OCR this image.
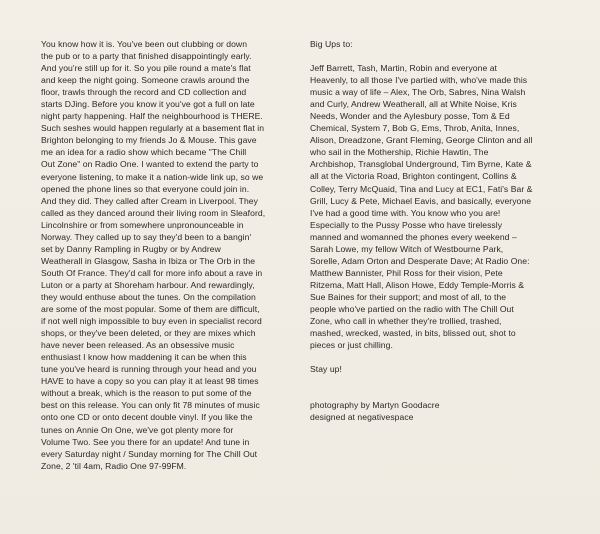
You know how it is. You've been out clubbing or down
the pub or to a party that finished disappointingly early.
And you're still up for it. So you pile round a mate's flat
and keep the night going. Someone crawls around the
floor, trawls through the record and CD collection and
starts DJing. Before you know it you've got a full on late
night party happening. Half the neighbourhood is THERE.
Such seshes would happen regularly at a basement flat in
Brighton belonging to my friends Jo & Mouse. This gave
me an idea for a radio show which became "The Chill
Out Zone" on Radio One. I wanted to extend the party to
everyone listening, to make it a nation-wide link up, so we
opened the phone lines so that everyone could join in.
And they did. They called after Cream in Liverpool. They
called as they danced around their living room in Sleaford,
Lincolnshire or from somewhere unpronounceable in
Norway. They called up to say they'd been to a bangin'
set by Danny Rampling in Rugby or by Andrew
Weatherall in Glasgow, Sasha in Ibiza or The Orb in the
South Of France. They'd call for more info about a rave in
Luton or a party at Shoreham harbour. And rewardingly,
they would enthuse about the tunes. On the compilation
are some of the most popular. Some of them are difficult,
if not well nigh impossible to buy even in specialist record
shops, or they've been deleted, or they are mixes which
have never been released. As an obsessive music
enthusiast I know how maddening it can be when this
tune you've heard is running through your head and you
HAVE to have a copy so you can play it at least 98 times
without a break, which is the reason to put some of the
best on this release. You can only fit 78 minutes of music
onto one CD or onto decent double vinyl. If you like the
tunes on Annie On One, we've got plenty more for
Volume Two. See you there for an update! And tune in
every Saturday night / Sunday morning for The Chill Out
Zone, 2 'til 4am, Radio One 97-99FM.

Big Ups to:

Jeff Barrett, Tash, Martin, Robin and everyone at
Heavenly, to all those I've partied with, who've made this
music a way of life – Alex, The Orb, Sabres, Nina Walsh
and Curly, Andrew Weatherall, all at White Noise, Kris
Needs, Wonder and the Aylesbury posse, Tom & Ed
Chemical, System 7, Bob G, Ems, Throb, Anita, Innes,
Alison, Dreadzone, Grant Fleming, George Clinton and all
who sail in the Mothership, Richie Hawtin, The
Archbishop, Transglobal Underground, Tim Byrne, Kate &
all at the Victoria Road, Brighton contingent, Collins &
Colley, Terry McQuaid, Tina and Lucy at EC1, Fati's Bar &
Grill, Lucy & Pete, Michael Eavis, and basically, everyone
I've had a good time with. You know who you are!
Especially to the Pussy Posse who have tirelessly
manned and womanned the phones every weekend –
Sarah Lowe, my fellow Witch of Westbourne Park,
Sorelle, Adam Orton and Desperate Dave; At Radio One:
Matthew Bannister, Phil Ross for their vision, Pete
Ritzema, Matt Hall, Alison Howe, Eddy Temple-Morris &
Sue Baines for their support; and most of all, to the
people who've partied on the radio with The Chill Out
Zone, who call in whether they're trollied, trashed,
mashed, wrecked, wasted, in bits, blissed out, shot to
pieces or just chilling.

Stay up!

photography by Martyn Goodacre
designed at negativespace
